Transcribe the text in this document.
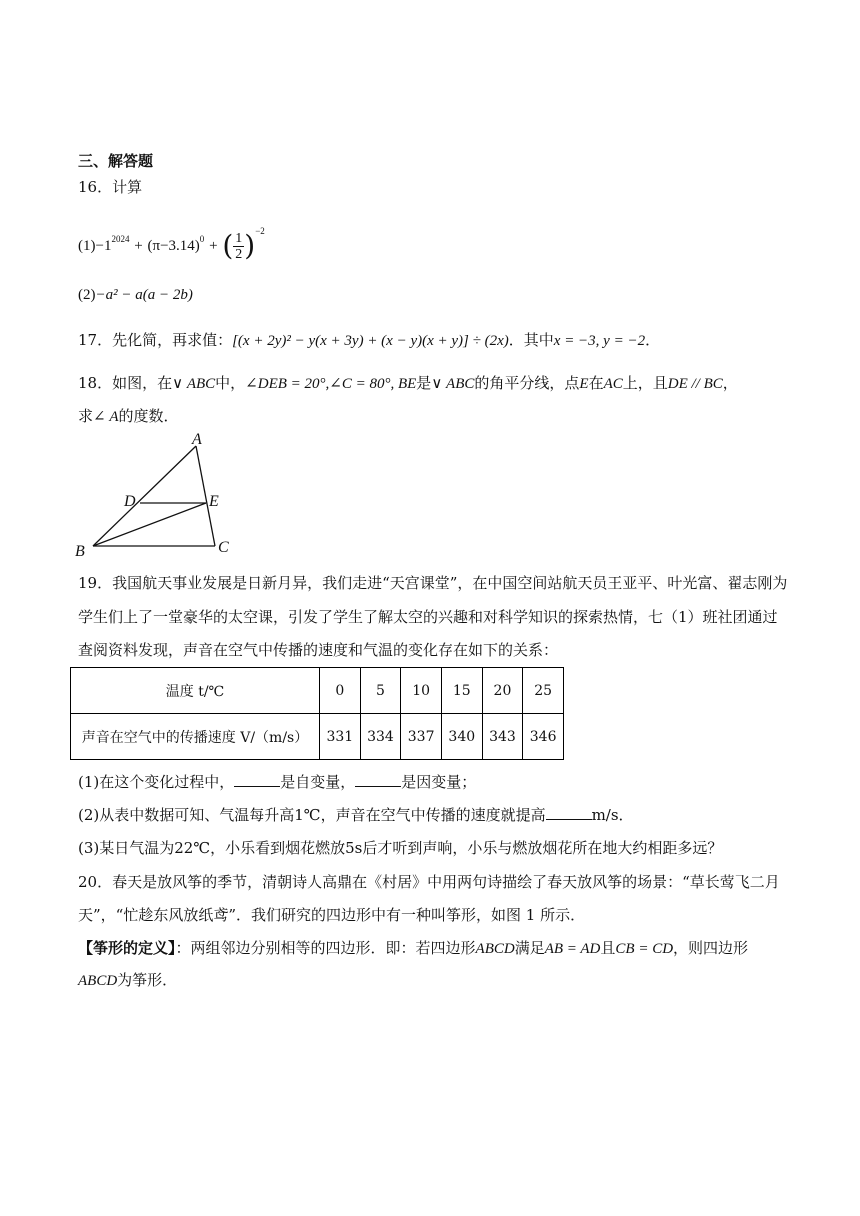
三、解答题
16．计算
$(1)-1^{2024} + (\pi-3.14)^0$ + ( $\frac{1}{2} )^{-2}$
(2)−a² − a(a − 2b)
17．先化简，再求值：[(x + 2y)² − y(x + 3y) + (x − y)(x + y)] ÷ (2x)．其中x = −3, y = −2．
18．如图，在∨ ABC中，∠DEB = 20°,∠C = 80°, BE是∨ ABC的角平分线，点E在AC上，且DE // BC，
求∠ A的度数．
A
B	C
D	E
19．我国航天事业发展是日新月异，我们走进“天宫课堂”，在中国空间站航天员王亚平、叶光富、翟志刚为
学生们上了一堂豪华的太空课，引发了学生了解太空的兴趣和对科学知识的探索热情，七（1）班社团通过
查阅资料发现，声音在空气中传播的速度和气温的变化存在如下的关系：
温度 t/℃	0	5	10	15	20	25
声音在空气中的传播速度 V/（m/s）	331	334	337	340	343	346
(1)在这个变化过程中，	是自变量，	是因变量；
(2)从表中数据可知、气温每升高1℃，声音在空气中传播的速度就提高	m/s．
(3)某日气温为22℃，小乐看到烟花燃放5s后才听到声响，小乐与燃放烟花所在地大约相距多远？
20．春天是放风筝的季节，清朝诗人高鼎在《村居》中用两句诗描绘了春天放风筝的场景：“草长莺飞二月
天”，“忙趁东风放纸鸢”．我们研究的四边形中有一种叫筝形，如图 1 所示．
【筝形的定义】：两组邻边分别相等的四边形．即：若四边形ABCD满足AB = AD且CB = CD，则四边形
ABCD为筝形．
